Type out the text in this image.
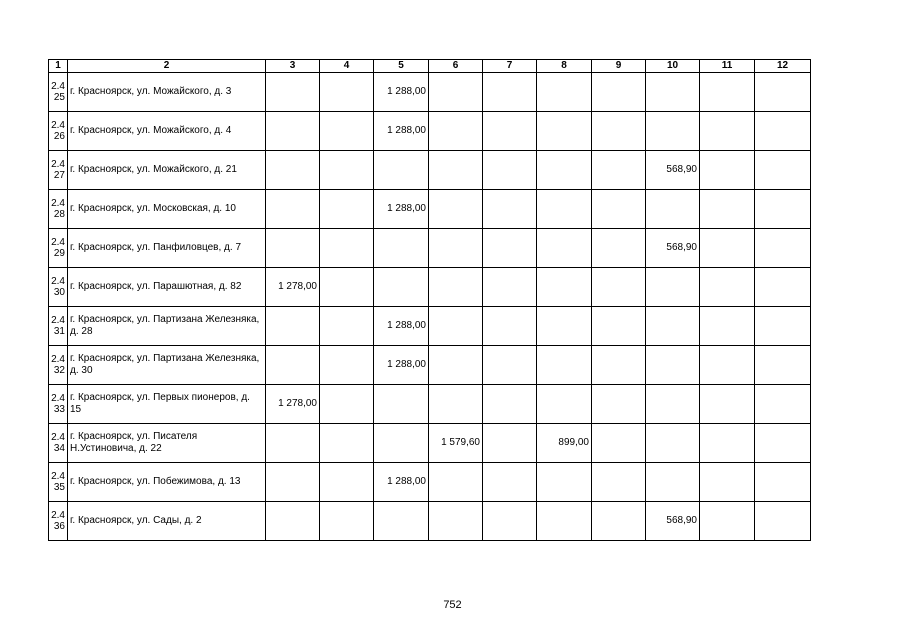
1	2	3	4	5	6	7	8	9	10	11	12

2.4
25	г. Красноярск, ул. Можайского, д. 3			1 288,00							

2.4
26	г. Красноярск, ул. Можайского, д. 4			1 288,00							

2.4
27	г. Красноярск, ул. Можайского, д. 21								568,90		

2.4
28	г. Красноярск, ул. Московская, д. 10			1 288,00							

2.4
29	г. Красноярск, ул. Панфиловцев, д. 7								568,90		

2.4
30	г. Красноярск, ул. Парашютная, д. 82	1 278,00									

2.4
31	г. Красноярск, ул. Партизана Железняка, д. 28			1 288,00							

2.4
32	г. Красноярск, ул. Партизана Железняка, д. 30			1 288,00							

2.4
33	г. Красноярск, ул. Первых пионеров, д. 15	1 278,00									

2.4
34	г. Красноярск, ул. Писателя Н.Устиновича, д. 22				1 579,60		899,00				

2.4
35	г. Красноярск, ул. Побежимова, д. 13			1 288,00							

2.4
36	г. Красноярск, ул. Сады, д. 2								568,90		
752
